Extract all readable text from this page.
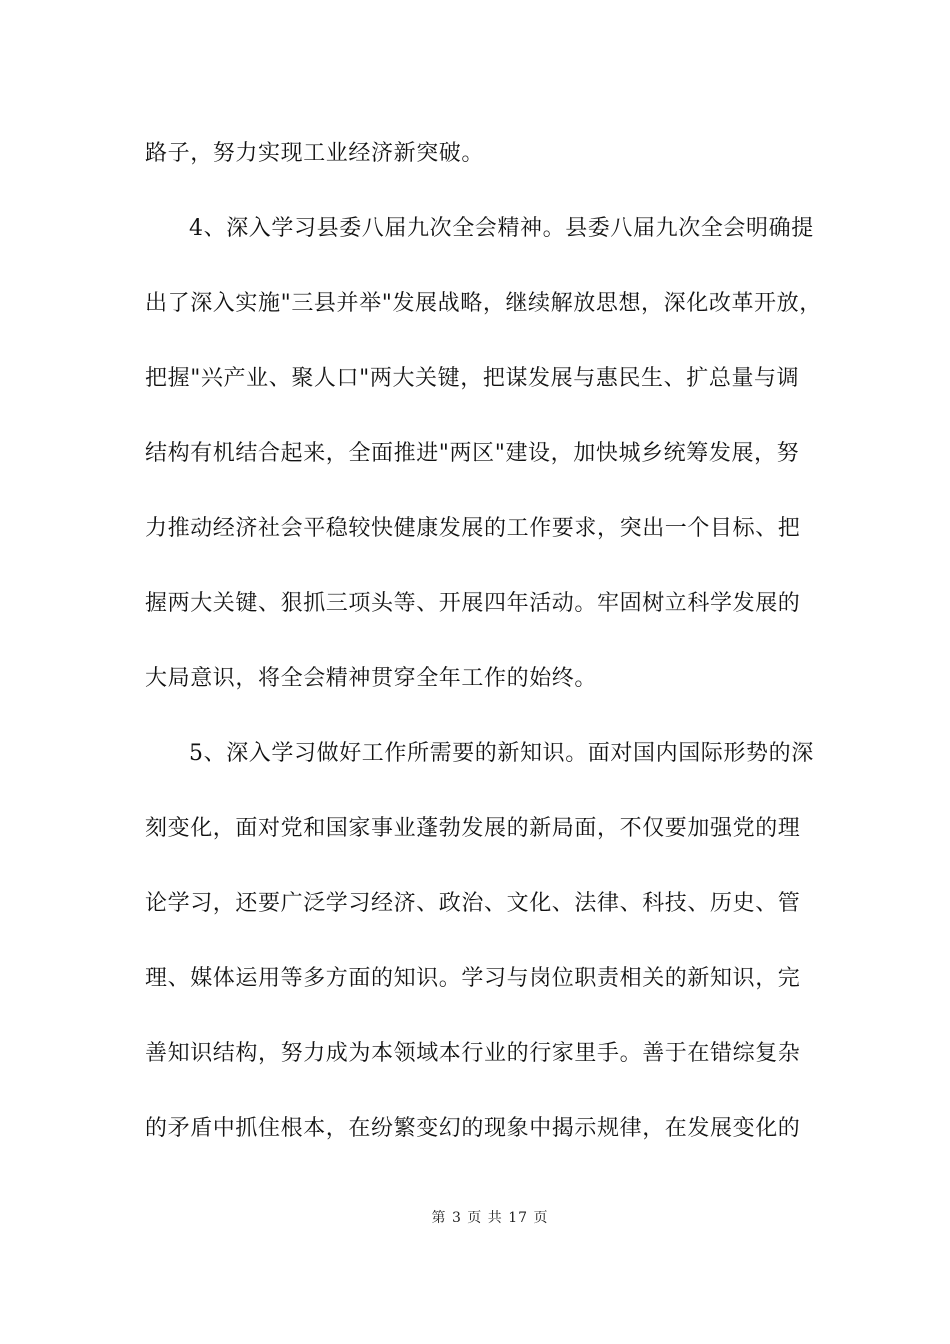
路子，努力实现工业经济新突破。
4、深入学习县委八届九次全会精神。县委八届九次全会明确提
出了深入实施"三县并举"发展战略，继续解放思想，深化改革开放，
把握"兴产业、聚人口"两大关键，把谋发展与惠民生、扩总量与调
结构有机结合起来，全面推进"两区"建设，加快城乡统筹发展，努
力推动经济社会平稳较快健康发展的工作要求，突出一个目标、把
握两大关键、狠抓三项头等、开展四年活动。牢固树立科学发展的
大局意识，将全会精神贯穿全年工作的始终。
5、深入学习做好工作所需要的新知识。面对国内国际形势的深
刻变化，面对党和国家事业蓬勃发展的新局面，不仅要加强党的理
论学习，还要广泛学习经济、政治、文化、法律、科技、历史、管
理、媒体运用等多方面的知识。学习与岗位职责相关的新知识，完
善知识结构，努力成为本领域本行业的行家里手。善于在错综复杂
的矛盾中抓住根本，在纷繁变幻的现象中揭示规律，在发展变化的
第 3 页 共 17 页
